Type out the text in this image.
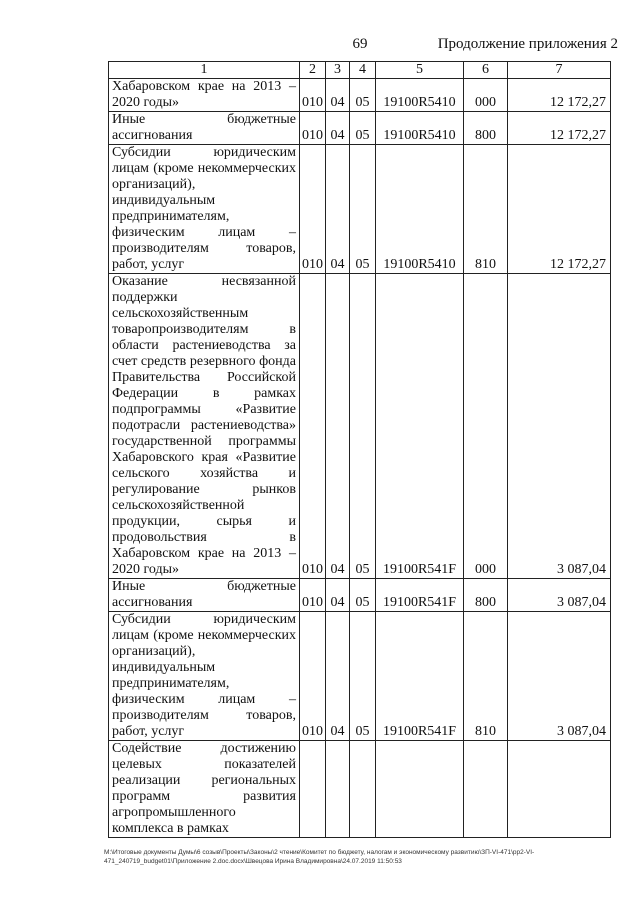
69	Продолжение приложения 2
1	2	3	4	5	6	7
Хабаровском крае на 2013 – 2020 годы»	010	04	05	19100R5410	000	12 172,27
Иные бюджетные ассигнования	010	04	05	19100R5410	800	12 172,27
Субсидии юридическим лицам (кроме некоммерческих организаций), индивидуальным предпринимателям, физическим лицам – производителям товаров, работ, услуг	010	04	05	19100R5410	810	12 172,27
Оказание несвязанной поддержки сельскохозяйственным товаропроизводителям в области растениеводства за счет средств резервного фонда Правительства Российской Федерации в рамках подпрограммы «Развитие подотрасли растениеводства» государственной программы Хабаровского края «Развитие сельского хозяйства и регулирование рынков сельскохозяйственной продукции, сырья и продовольствия в Хабаровском крае на 2013 – 2020 годы»	010	04	05	19100R541F	000	3 087,04
Иные бюджетные ассигнования	010	04	05	19100R541F	800	3 087,04
Субсидии юридическим лицам (кроме некоммерческих организаций), индивидуальным предпринимателям, физическим лицам – производителям товаров, работ, услуг	010	04	05	19100R541F	810	3 087,04
Содействие достижению целевых показателей реализации региональных программ развития агропромышленного комплекса в рамках						
M:\Итоговые документы Думы\6 созыв\Проекты\Законы\2 чтение\Комитет по бюджету, налогам и экономическому развитию\ЗП-VI-471\pp2-VI-
471_240719_budget01\Приложение 2.doc.docx\Швецова Ирина Владимировна\24.07.2019 11:50:53
